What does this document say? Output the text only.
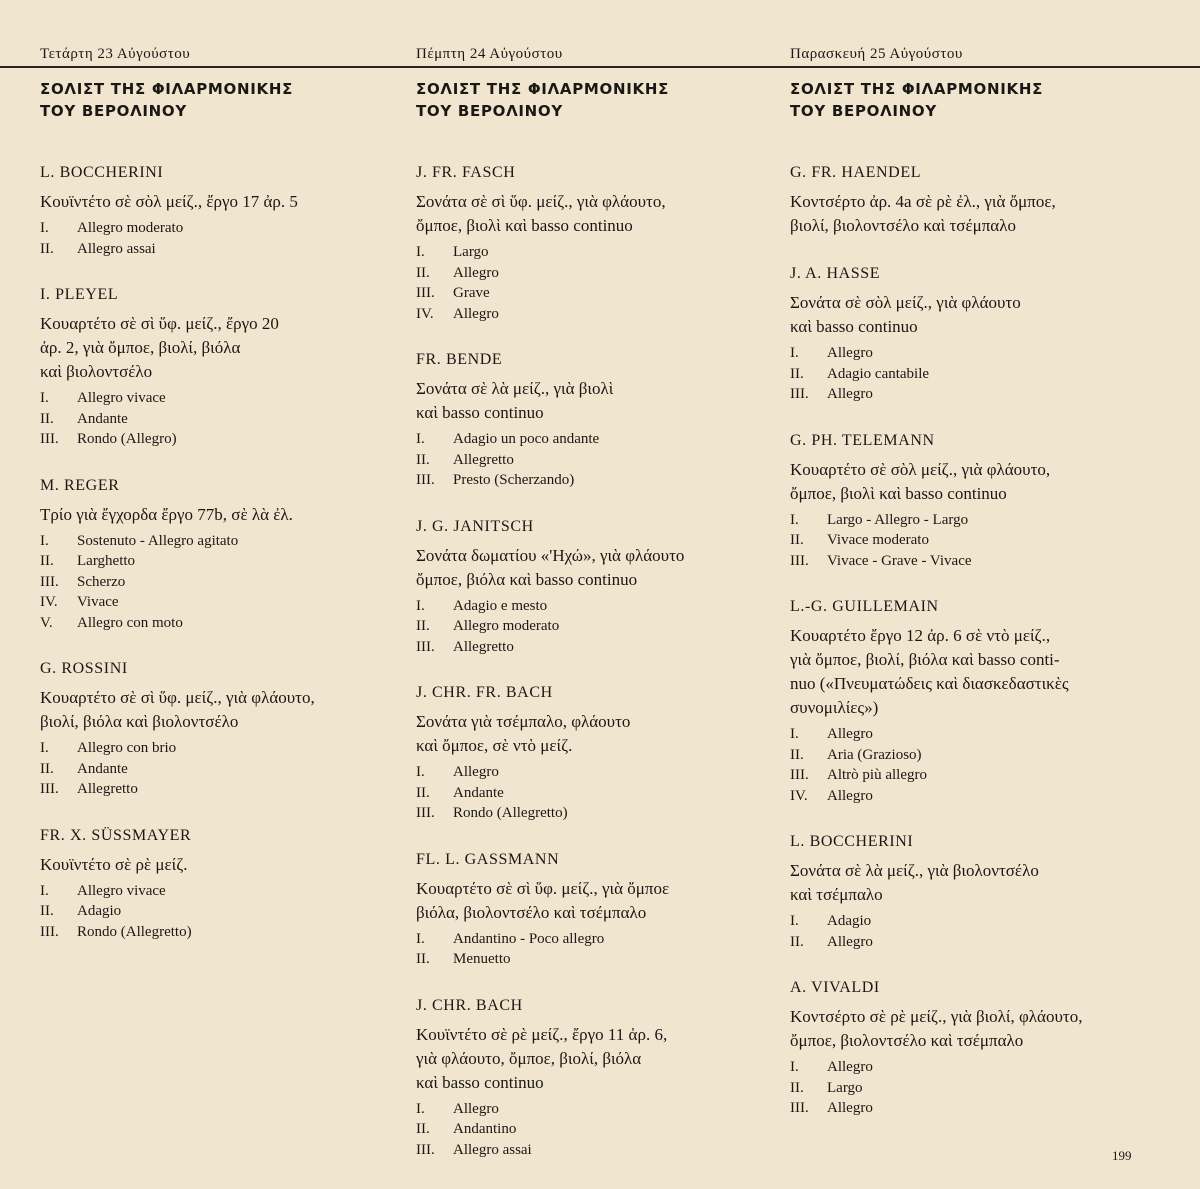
Τετάρτη 23 Αὐγούστου	Πέμπτη 24 Αὐγούστου	Παρασκευή 25 Αὐγούστου
ΣΟΛΙΣΤ ΤΗΣ ΦΙΛΑΡΜΟΝΙΚΗΣ
ΤΟΥ ΒΕΡΟΛΙΝΟΥ
L. BOCCHERINI
Κουϊντέτο σὲ σὸλ μείζ., ἔργο 17 ἀρ. 5
I.	Allegro moderato
II.	Allegro assai
I. PLEYEL
Κουαρτέτο σὲ σὶ ὕφ. μείζ., ἔργο 20
ἀρ. 2, γιὰ ὄμποε, βιολί, βιόλα
καὶ βιολοντσέλο
I.	Allegro vivace
II.	Andante
III.	Rondo (Allegro)
M. REGER
Τρίο γιὰ ἔγχορδα ἔργο 77b, σὲ λὰ ἐλ.
I.	Sostenuto - Allegro agitato
II.	Larghetto
III.	Scherzo
IV.	Vivace
V.	Allegro con moto
G. ROSSINI
Κουαρτέτο σὲ σὶ ὕφ. μείζ., γιὰ φλάουτο,
βιολί, βιόλα καὶ βιολοντσέλο
I.	Allegro con brio
II.	Andante
III.	Allegretto
FR. X. SÜSSMAYER
Κουϊντέτο σὲ ρὲ μείζ.
I.	Allegro vivace
II.	Adagio
III.	Rondo (Allegretto)
ΣΟΛΙΣΤ ΤΗΣ ΦΙΛΑΡΜΟΝΙΚΗΣ
ΤΟΥ ΒΕΡΟΛΙΝΟΥ
J. FR. FASCH
Σονάτα σὲ σὶ ὕφ. μείζ., γιὰ φλάουτο,
ὄμποε, βιολὶ καὶ basso continuo
I.	Largo
II.	Allegro
III.	Grave
IV.	Allegro
FR. BENDE
Σονάτα σὲ λὰ μείζ., γιὰ βιολὶ
καὶ basso continuo
I.	Adagio un poco andante
II.	Allegretto
III.	Presto (Scherzando)
J. G. JANITSCH
Σονάτα δωματίου «'Ηχώ», γιὰ φλάουτο
ὄμποε, βιόλα καὶ basso continuo
I.	Adagio e mesto
II.	Allegro moderato
III.	Allegretto
J. CHR. FR. BACH
Σονάτα γιὰ τσέμπαλο, φλάουτο
καὶ ὄμποε, σὲ ντὸ μείζ.
I.	Allegro
II.	Andante
III.	Rondo (Allegretto)
FL. L. GASSMANN
Κουαρτέτο σὲ σὶ ὕφ. μείζ., γιὰ ὄμποε
βιόλα, βιολοντσέλο καὶ τσέμπαλο
I.	Andantino - Poco allegro
II.	Menuetto
J. CHR. BACH
Κουϊντέτο σὲ ρὲ μείζ., ἔργο 11 ἀρ. 6,
γιὰ φλάουτο, ὄμποε, βιολί, βιόλα
καὶ basso continuo
I.	Allegro
II.	Andantino
III.	Allegro assai
ΣΟΛΙΣΤ ΤΗΣ ΦΙΛΑΡΜΟΝΙΚΗΣ
ΤΟΥ ΒΕΡΟΛΙΝΟΥ
G. FR. HAENDEL
Κοντσέρτο ἀρ. 4a σὲ ρὲ ἐλ., γιὰ ὄμποε,
βιολί, βιολοντσέλο καὶ τσέμπαλο
J. A. HASSE
Σονάτα σὲ σὸλ μείζ., γιὰ φλάουτο
καὶ basso continuo
I.	Allegro
II.	Adagio cantabile
III.	Allegro
G. PH. TELEMANN
Κουαρτέτο σὲ σὸλ μείζ., γιὰ φλάουτο,
ὄμποε, βιολὶ καὶ basso continuo
I.	Largo - Allegro - Largo
II.	Vivace moderato
III.	Vivace - Grave - Vivace
L.-G. GUILLEMAIN
Κουαρτέτο ἔργο 12 ἀρ. 6 σὲ ντὸ μείζ.,
γιὰ ὄμποε, βιολί, βιόλα καὶ basso conti-
nuo («Πνευματώδεις καὶ διασκεδαστικὲς
συνομιλίες»)
I.	Allegro
II.	Aria (Grazioso)
III.	Altrò più allegro
IV.	Allegro
L. BOCCHERINI
Σονάτα σὲ λὰ μείζ., γιὰ βιολοντσέλο
καὶ τσέμπαλο
I.	Adagio
II.	Allegro
A. VIVALDI
Κοντσέρτο σὲ ρὲ μείζ., γιὰ βιολί, φλάουτο,
ὄμποε, βιολοντσέλο καὶ τσέμπαλο
I.	Allegro
II.	Largo
III.	Allegro
199
